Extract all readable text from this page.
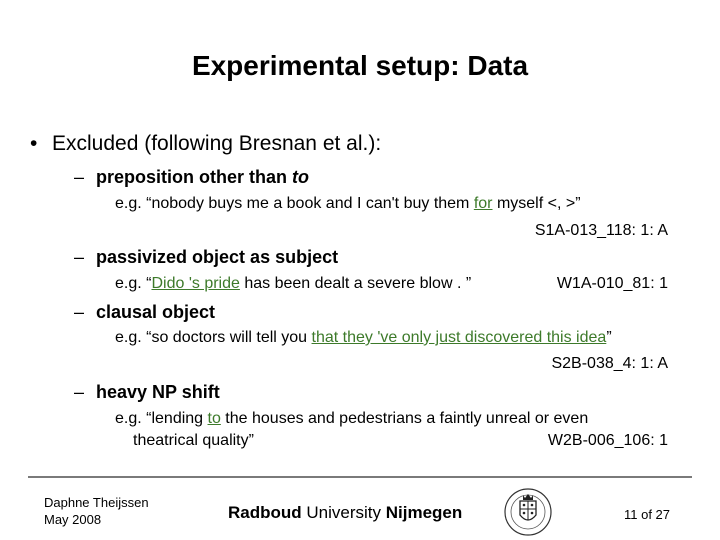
Experimental setup: Data
• Excluded (following Bresnan et al.):
– preposition other than to
e.g. “nobody buys me a book and I can't buy them for myself <, >”
S1A-013_118: 1: A
– passivized object as subject
e.g. “Dido 's pride has been dealt a severe blow . ”	W1A-010_81: 1
– clausal object
e.g. “so doctors will tell you that they 've only just discovered this idea”
S2B-038_4: 1: A
– heavy NP shift
e.g. “lending to the houses and pedestrians a faintly unreal or even
theatrical quality”	W2B-006_106: 1
Daphne Theijssen
May 2008	Radboud University Nijmegen	11 of 27
